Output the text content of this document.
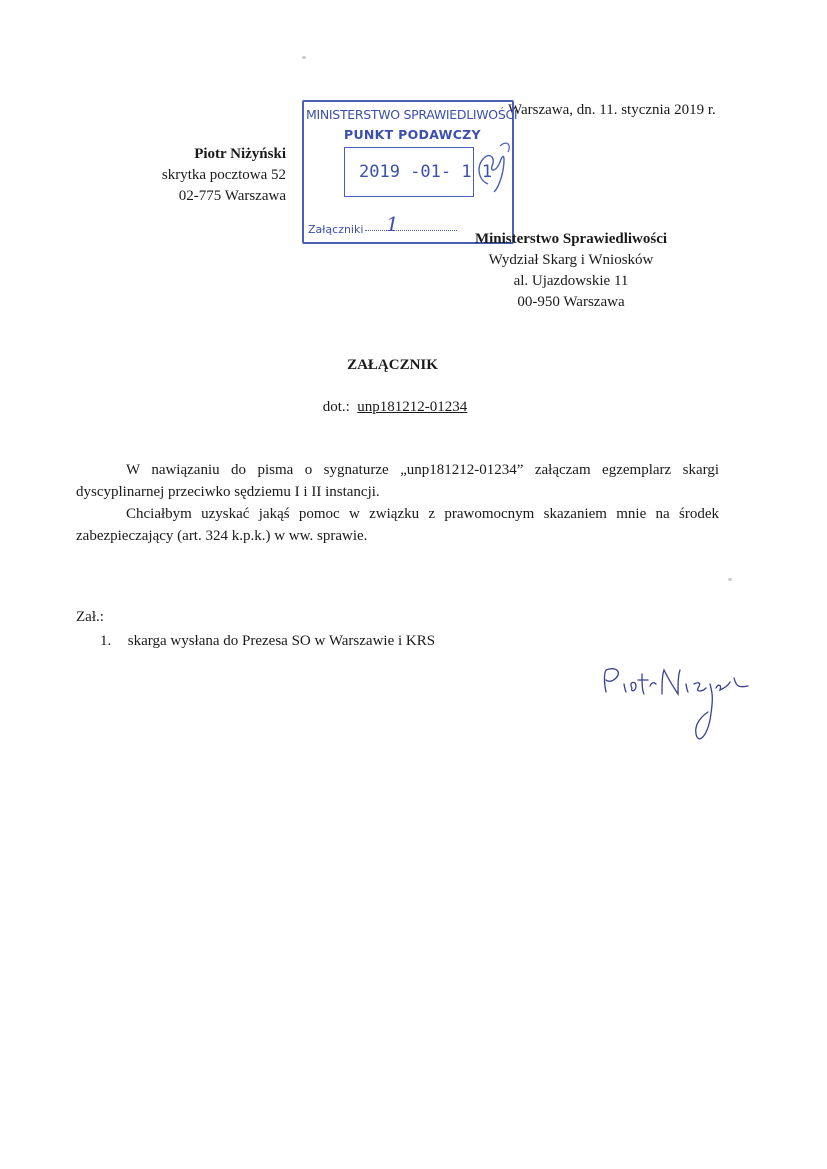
Piotr Niżyński
skrytka pocztowa 52
02-775 Warszawa
Warszawa, dn. 11. stycznia 2019 r.
MINISTERSTWO SPRAWIEDLIWOŚCI
PUNKT PODAWCZY
2019 -01- 1 1
Załączniki	1
Ministerstwo Sprawiedliwości
Wydział Skarg i Wniosków
al. Ujazdowskie 11
00-950 Warszawa
ZAŁĄCZNIK
dot.: unp181212-01234

W nawiązaniu do pisma o sygnaturze „unp181212-01234” załączam egzemplarz skargi dyscyplinarnej przeciwko sędziemu I i II instancji.

Chciałbym uzyskać jakąś pomoc w związku z prawomocnym skazaniem mnie na środek zabezpieczający (art. 324 k.p.k.) w ww. sprawie.

Zał.:
1. skarga wysłana do Prezesa SO w Warszawie i KRS
